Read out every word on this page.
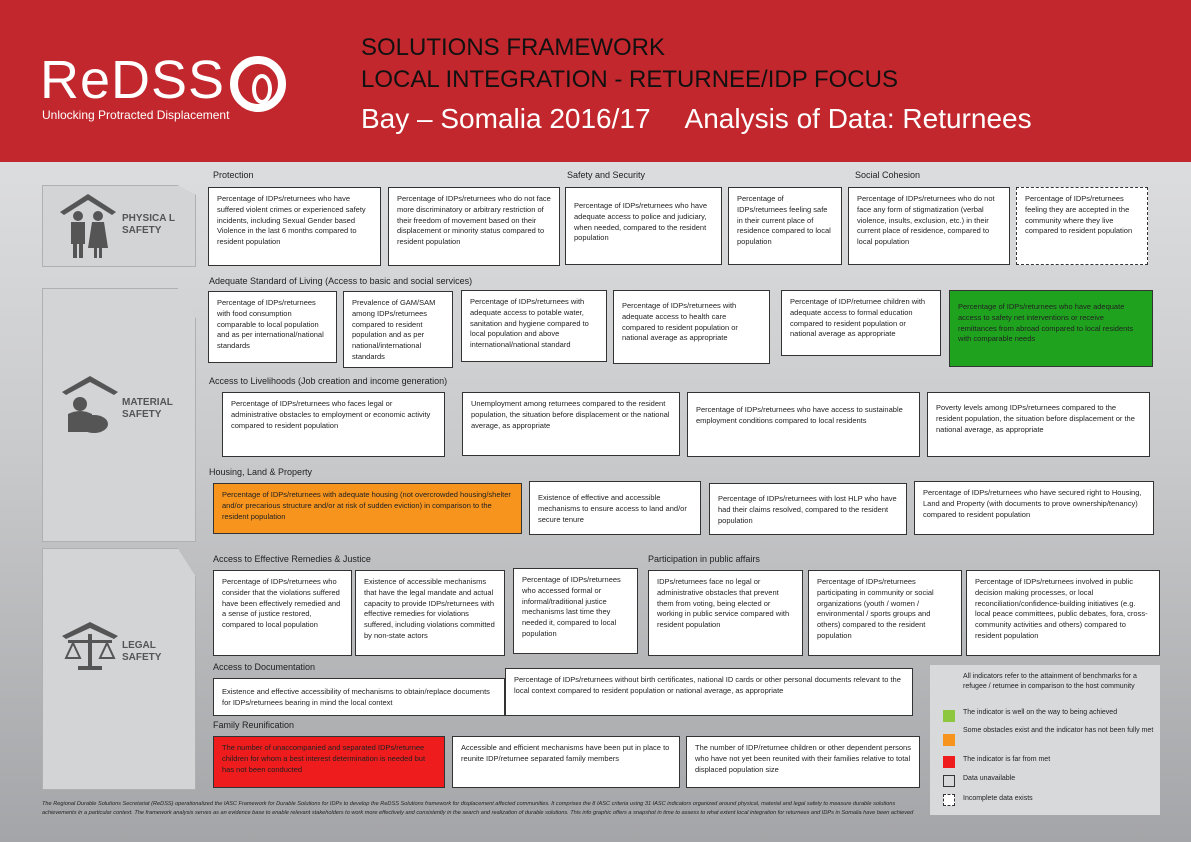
ReDSS
Unlocking Protracted Displacement
SOLUTIONS FRAMEWORK
LOCAL INTEGRATION - RETURNEE/IDP FOCUS
Bay – Somalia 2016/17 Analysis of Data: Returnees
PHYSICA L SAFETY
MATERIAL SAFETY
LEGAL SAFETY
Protection	Safety and Security	Social Cohesion
Adequate Standard of Living (Access to basic and social services)
Access to Livelihoods (Job creation and income generation)
Housing, Land & Property
Access to Effective Remedies & Justice	Participation in public affairs
Access to Documentation
Family Reunification
Percentage of IDPs/returnees who have suffered violent crimes or experienced safety incidents, including Sexual Gender based Violence in the last 6 months compared to resident population
Percentage of IDPs/returnees who do not face more discriminatory or arbitrary restriction of their freedom of movement based on their displacement or minority status compared to resident population
Percentage of IDPs/returnees who have adequate access to police and judiciary, when needed, compared to the resident population
Percentage of IDPs/returnees feeling safe in their current place of residence compared to local population
Percentage of IDPs/returnees who do not face any form of stigmatization (verbal violence, insults, exclusion, etc.) in their current place of residence, compared to local population
Percentage of IDPs/returnees feeling they are accepted in the community where they live compared to resident population
Percentage of IDPs/returnees with food consumption comparable to local population and as per international/national standards
Prevalence of GAM/SAM among IDPs/returnees compared to resident population and as per national/international standards
Percentage of IDPs/returnees with adequate access to potable water, sanitation and hygiene compared to local population and above international/national standard
Percentage of IDPs/returnees with adequate access to health care compared to resident population or national average as appropriate
Percentage of IDP/returnee children with adequate access to formal education compared to resident population or national average as appropriate
Percentage of IDPs/returnees who have adequate access to safety net interventions or receive remittances from abroad compared to local residents with comparable needs
Percentage of IDPs/returnees who faces legal or administrative obstacles to employment or economic activity compared to resident population
Unemployment among returnees compared to the resident population, the situation before displacement or the national average, as appropriate
Percentage of IDPs/returnees who have access to sustainable employment conditions compared to local residents
Poverty levels among IDPs/returnees compared to the resident population, the situation before displacement or the national average, as appropriate
Percentage of IDPs/returnees with adequate housing (not overcrowded housing/shelter and/or precarious structure and/or at risk of sudden eviction) in comparison to the resident population
Existence of effective and accessible mechanisms to ensure access to land and/or secure tenure
Percentage of IDPs/returnees with lost HLP who have had their claims resolved, compared to the resident population
Percentage of IDPs/returnees who have secured right to Housing, Land and Property (with documents to prove ownership/tenancy) compared to resident population
Percentage of IDPs/returnees who consider that the violations suffered have been effectively remedied and a sense of justice restored, compared to local population
Existence of accessible mechanisms that have the legal mandate and actual capacity to provide IDPs/returnees with effective remedies for violations suffered, including violations committed by non-state actors
Percentage of IDPs/returnees who accessed formal or informal/traditional justice mechanisms last time they needed it, compared to local population
IDPs/returnees face no legal or administrative obstacles that prevent them from voting, being elected or working in public service compared with resident population
Percentage of IDPs/returnees participating in community or social organizations (youth / women / environmental / sports groups and others) compared to the resident population
Percentage of IDPs/returnees involved in public decision making processes, or local reconciliation/confidence-building initiatives (e.g. local peace committees, public debates, fora, cross-community activities and others) compared to resident population
Existence and effective accessibility of mechanisms to obtain/replace documents for IDPs/returnees bearing in mind the local context
Percentage of IDPs/returnees without birth certificates, national ID cards or other personal documents relevant to the local context compared to resident population or national average, as appropriate
The number of unaccompanied and separated IDPs/returnee children for whom a best interest determination is needed but has not been conducted
Accessible and efficient mechanisms have been put in place to reunite IDP/returnee separated family members
The number of IDP/returnee children or other dependent persons who have not yet been reunited with their families relative to total displaced population size
All indicators refer to the attainment of benchmarks for a refugee / returnee in comparison to the host community
The indicator is well on the way to being achieved
Some obstacles exist and the indicator has not been fully met
The indicator is far from met
Data unavailable
Incomplete data exists
The Regional Durable Solutions Secretariat (ReDSS) operationalized the IASC Framework for Durable Solutions for IDPs to develop the ReDSS Solutions framework for displacement affected communities. It comprises the 8 IASC criteria using 31 IASC indicators organized around physical, material and legal safety to measure durable solutions achievements in a particular context. The framework analysis serves as an evidence base to enable relevant stakeholders to work more effectively and consistently in the search and realization of durable solutions. This info graphic offers a snapshot in time to assess to what extent local integration for returnees and IDPs in Somalia have been achieved
